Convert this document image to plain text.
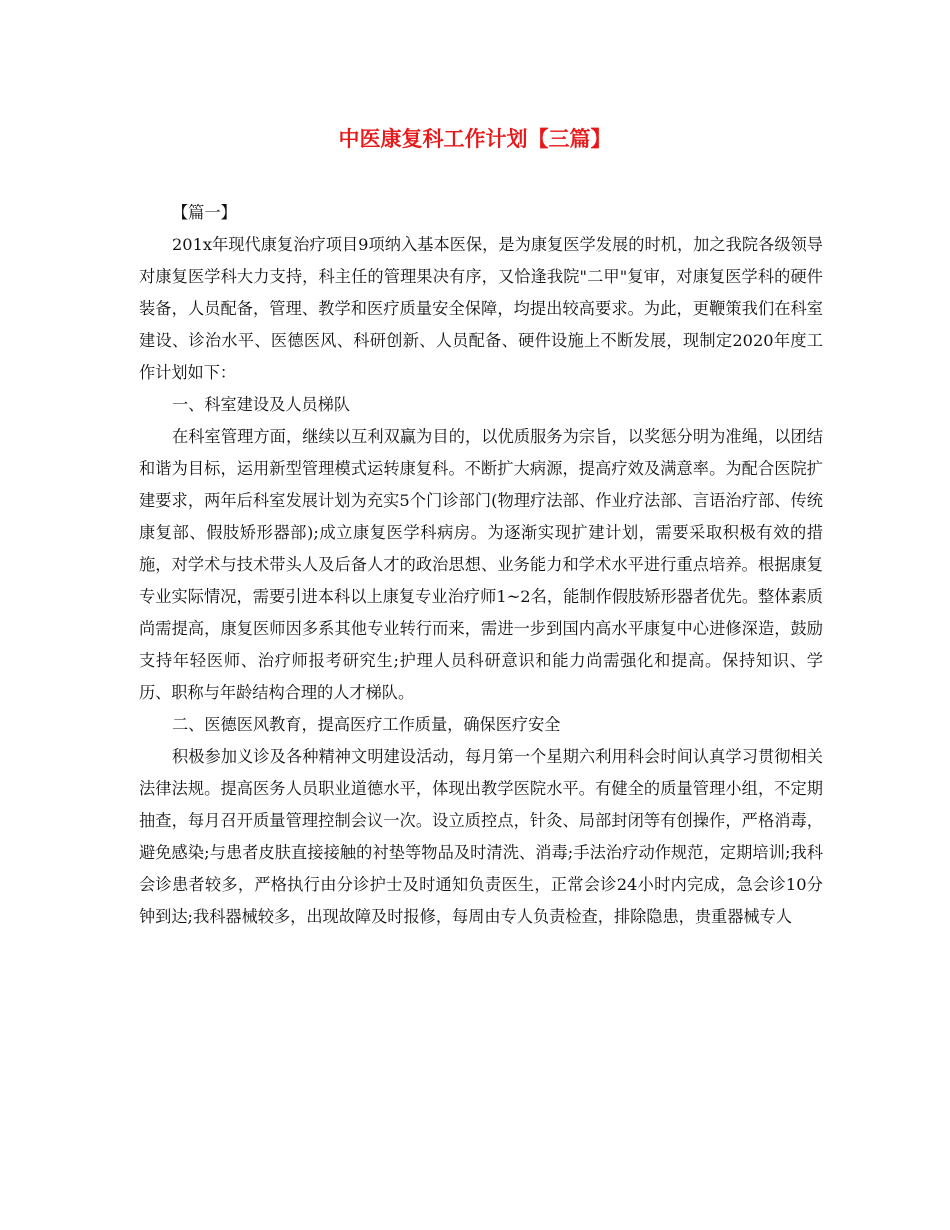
中医康复科工作计划【三篇】

【篇一】

201x年现代康复治疗项目9项纳入基本医保，是为康复医学发展的时机，加之我院各级领导对康复医学科大力支持，科主任的管理果决有序，又恰逢我院"二甲"复审，对康复医学科的硬件装备，人员配备，管理、教学和医疗质量安全保障，均提出较高要求。为此，更鞭策我们在科室建设、诊治水平、医德医风、科研创新、人员配备、硬件设施上不断发展，现制定2020年度工作计划如下：

一、科室建设及人员梯队

在科室管理方面，继续以互利双赢为目的，以优质服务为宗旨，以奖惩分明为准绳，以团结和谐为目标，运用新型管理模式运转康复科。不断扩大病源，提高疗效及满意率。为配合医院扩建要求，两年后科室发展计划为充实5个门诊部门(物理疗法部、作业疗法部、言语治疗部、传统康复部、假肢矫形器部);成立康复医学科病房。为逐渐实现扩建计划，需要采取积极有效的措施，对学术与技术带头人及后备人才的政治思想、业务能力和学术水平进行重点培养。根据康复专业实际情况，需要引进本科以上康复专业治疗师1~2名，能制作假肢矫形器者优先。整体素质尚需提高，康复医师因多系其他专业转行而来，需进一步到国内高水平康复中心进修深造，鼓励支持年轻医师、治疗师报考研究生;护理人员科研意识和能力尚需强化和提高。保持知识、学历、职称与年龄结构合理的人才梯队。

二、医德医风教育，提高医疗工作质量，确保医疗安全

积极参加义诊及各种精神文明建设活动，每月第一个星期六利用科会时间认真学习贯彻相关法律法规。提高医务人员职业道德水平，体现出教学医院水平。有健全的质量管理小组，不定期抽查，每月召开质量管理控制会议一次。设立质控点，针灸、局部封闭等有创操作，严格消毒，避免感染;与患者皮肤直接接触的衬垫等物品及时清洗、消毒;手法治疗动作规范，定期培训;我科会诊患者较多，严格执行由分诊护士及时通知负责医生，正常会诊24小时内完成，急会诊10分钟到达;我科器械较多，出现故障及时报修，每周由专人负责检查，排除隐患，贵重器械专人
